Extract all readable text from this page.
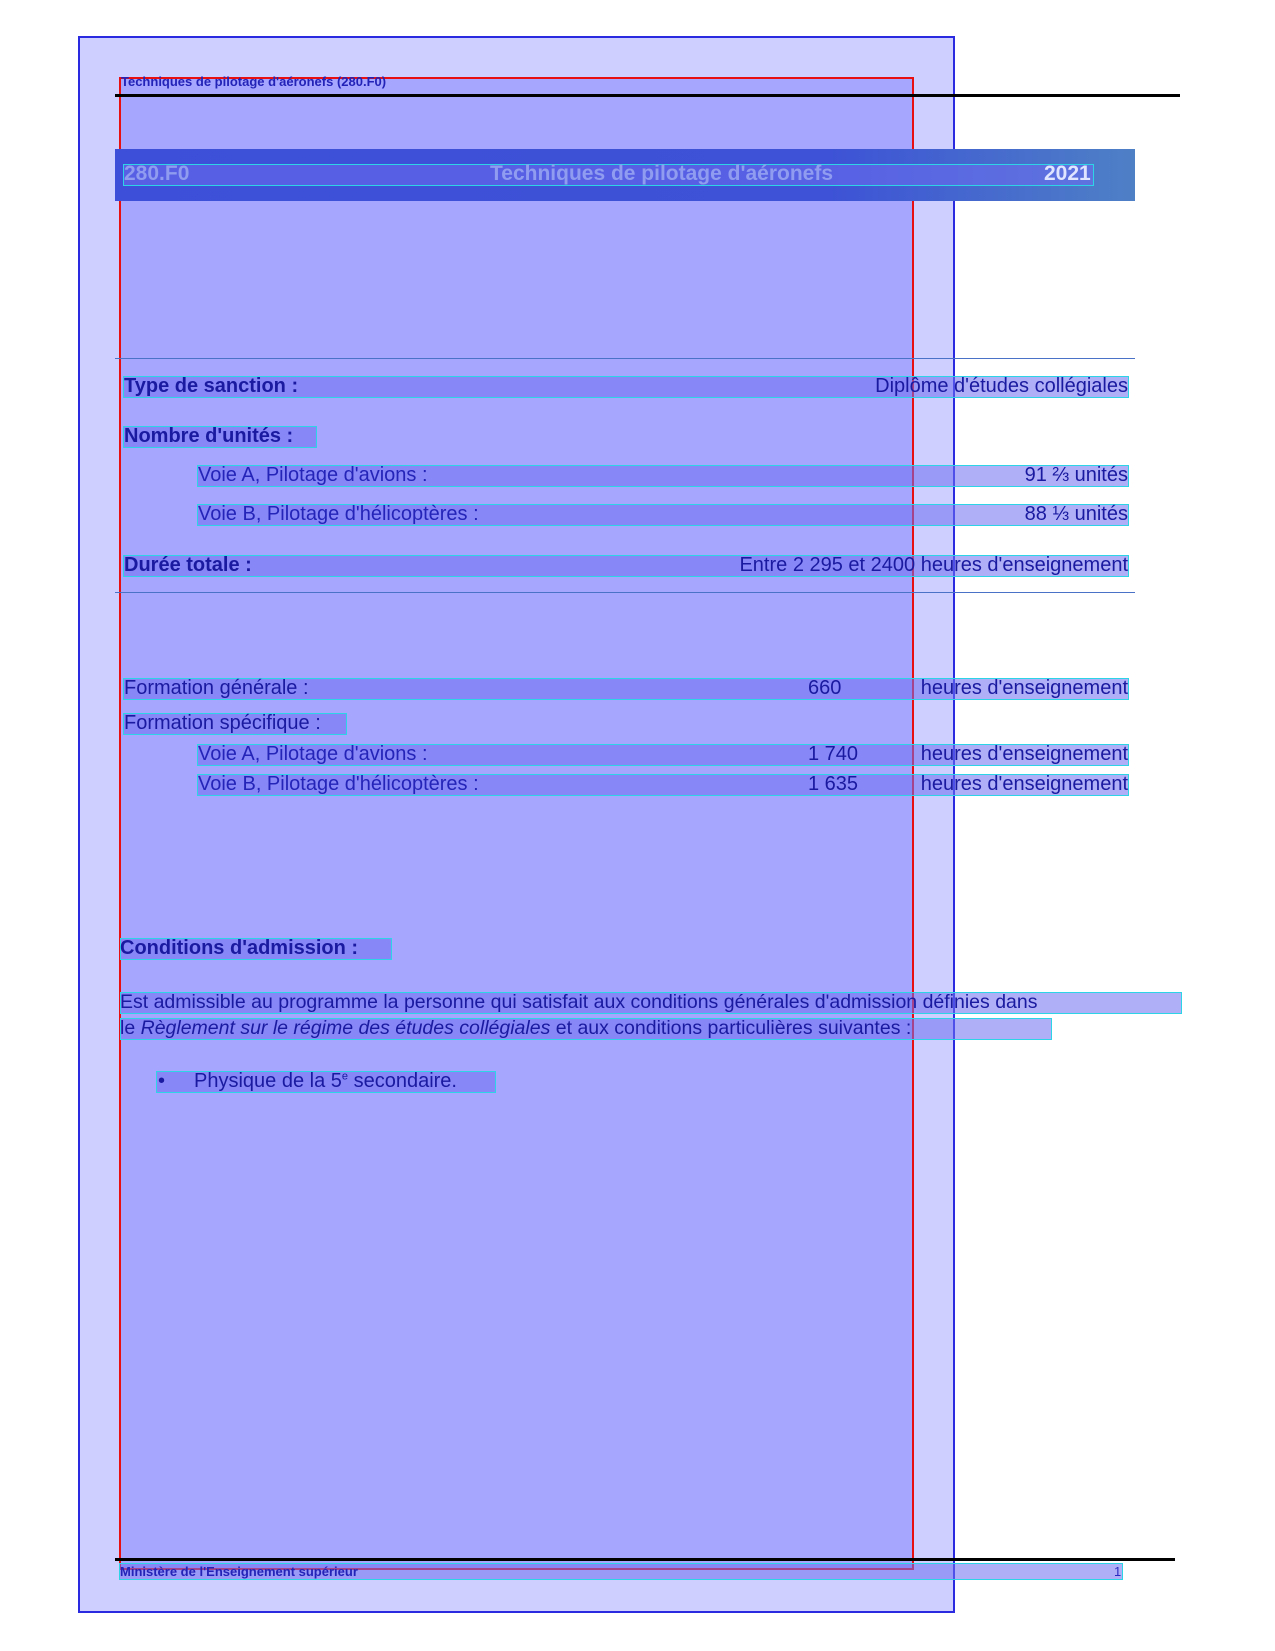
Techniques de pilotage d'aéronefs (280.F0)
280.F0	Techniques de pilotage d'aéronefs	2021
Type de sanction :	Diplôme d'études collégiales
Nombre d'unités :
Voie A, Pilotage d'avions :	91 ⅔ unités
Voie B, Pilotage d'hélicoptères :	88 ⅓ unités
Durée totale :	Entre 2 295 et 2400 heures d'enseignement
Formation générale :	660	heures d'enseignement
Formation spécifique :
Voie A, Pilotage d'avions :	1 740	heures d'enseignement
Voie B, Pilotage d'hélicoptères :	1 635	heures d'enseignement
Conditions d'admission :
Est admissible au programme la personne qui satisfait aux conditions générales d'admission définies dans
le Règlement sur le régime des études collégiales et aux conditions particulières suivantes :
• Physique de la 5e secondaire.
Ministère de l'Enseignement supérieur	1
